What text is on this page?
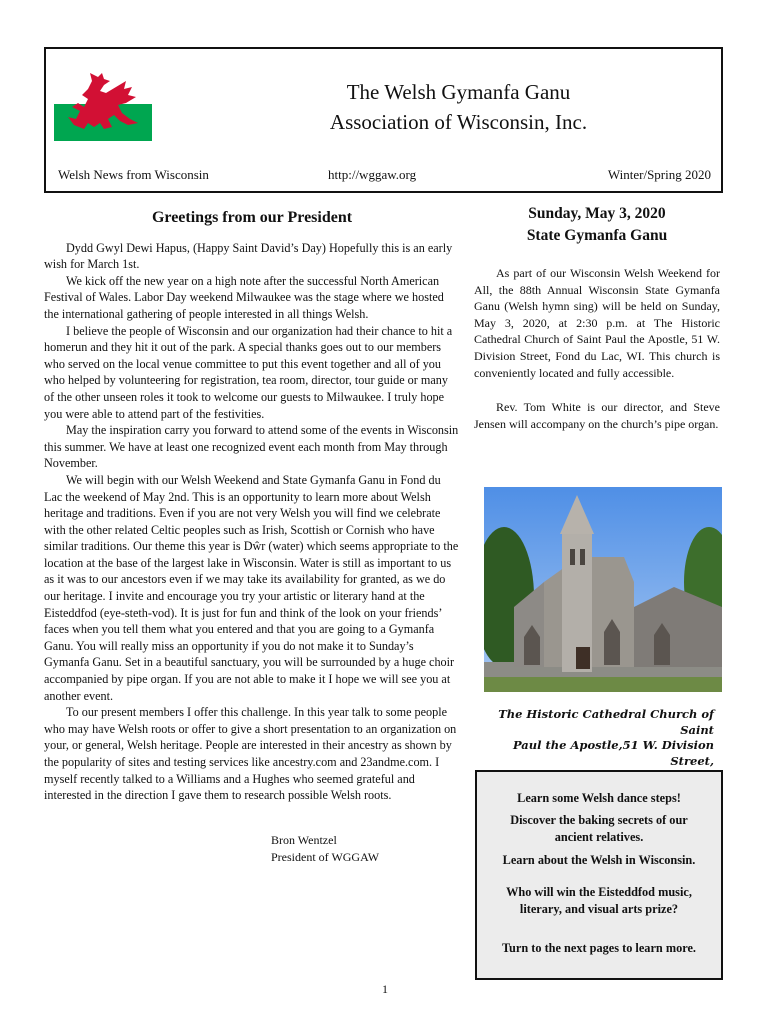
The Welsh Gymanfa Ganu
Association of Wisconsin, Inc.
Welsh News from Wisconsin	http://wggaw.org	Winter/Spring 2020
Greetings from our President

Dydd Gwyl Dewi Hapus, (Happy Saint David’s Day) Hopefully this is an early wish for March 1st.

We kick off the new year on a high note after the successful North American Festival of Wales. Labor Day weekend Milwaukee was the stage where we hosted the international gathering of people interested in all things Welsh.

I believe the people of Wisconsin and our organization had their chance to hit a homerun and they hit it out of the park. A special thanks goes out to our members who served on the local venue committee to put this event together and all of you who helped by volunteering for registration, tea room, director, tour guide or many of the other unseen roles it took to welcome our guests to Milwaukee. I truly hope you were able to attend part of the festivities.

May the inspiration carry you forward to attend some of the events in Wisconsin this summer. We have at least one recognized event each month from May through November.

We will begin with our Welsh Weekend and State Gymanfa Ganu in Fond du Lac the weekend of May 2nd. This is an opportunity to learn more about Welsh heritage and traditions. Even if you are not very Welsh you will find we celebrate with the other related Celtic peoples such as Irish, Scottish or Cornish who have similar traditions. Our theme this year is Dŵr (water) which seems appropriate to the location at the base of the largest lake in Wisconsin. Water is still as important to us as it was to our ancestors even if we may take its availability for granted, as we do our heritage. I invite and encourage you try your artistic or literary hand at the Eisteddfod (eye-steth-vod). It is just for fun and think of the look on your friends’ faces when you tell them what you entered and that you are going to a Gymanfa Ganu. You will really miss an opportunity if you do not make it to Sunday’s Gymanfa Ganu. Set in a beautiful sanctuary, you will be surrounded by a huge choir accompanied by pipe organ. If you are not able to make it I hope we will see you at another event.

To our present members I offer this challenge. In this year talk to some people who may have Welsh roots or offer to give a short presentation to an organization on your, or general, Welsh heritage. People are interested in their ancestry as shown by the popularity of sites and testing services like ancestry.com and 23andme.com. I myself recently talked to a Williams and a Hughes who seemed grateful and interested in the direction I gave them to research possible Welsh roots.

Bron Wentzel
President of WGGAW
Sunday, May 3, 2020
State Gymanfa Ganu

As part of our Wisconsin Welsh Weekend for All, the 88th Annual Wisconsin State Gymanfa Ganu (Welsh hymn sing) will be held on Sunday, May 3, 2020, at 2:30 p.m. at The Historic Cathedral Church of Saint Paul the Apostle, 51 W. Division Street, Fond du Lac, WI. This church is conveniently located and fully accessible.

Rev. Tom White is our director, and Steve Jensen will accompany on the church’s pipe organ.

The Historic Cathedral Church of Saint
Paul the Apostle,51 W. Division Street,
Learn some Welsh dance steps!
Discover the baking secrets of our
ancient relatives.
Learn about the Welsh in Wisconsin.
Who will win the Eisteddfod music,
literary, and visual arts prize?
Turn to the next pages to learn more.
1
